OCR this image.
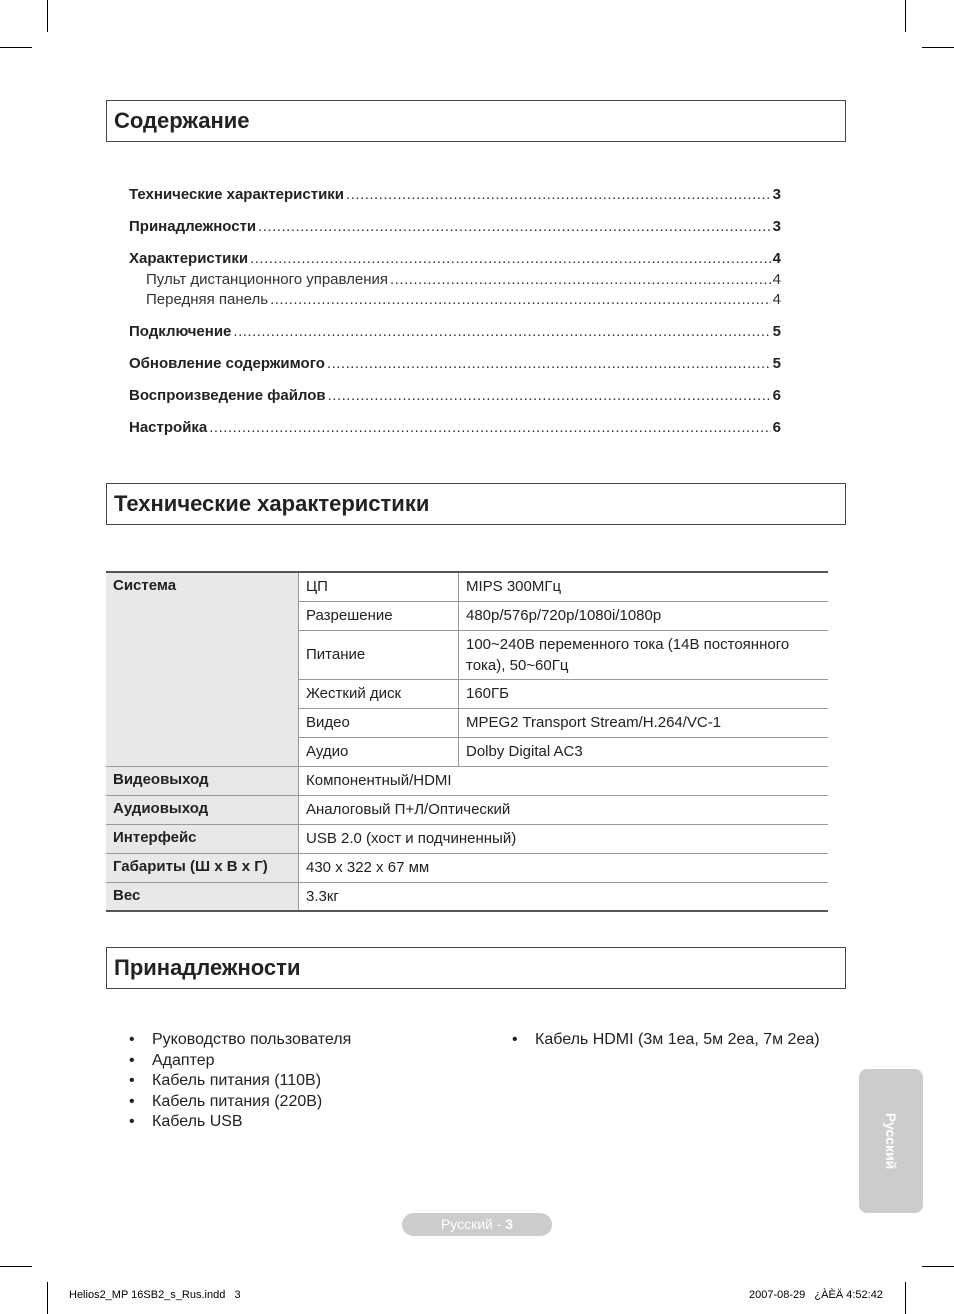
Содержание
Технические характеристики .....	3
Принадлежности .....	3
Характеристики .....	4
Пульт дистанционного управления .....	4
Передняя панель .....	4
Подключение .....	5
Обновление содержимого .....	5
Воспроизведение файлов .....	6
Настройка .....	6
Технические характеристики
Система	ЦП	MIPS 300МГц
	Разрешение	480p/576p/720p/1080i/1080p
	Питание	100~240В переменного тока (14В постоянного тока), 50~60Гц
	Жесткий диск	160ГБ
	Видео	MPEG2 Transport Stream/H.264/VC-1
	Аудио	Dolby Digital AC3
Видеовыход	Компонентный/HDMI	
Аудиовыход	Аналоговый П+Л/Оптический	
Интерфейс	USB 2.0 (хост и подчиненный)	
Габариты (Ш x В x Г)	430 x 322 x 67 мм	
Вес	3.3кг	
Принадлежности
•	Руководство пользователя
•	Адаптер
•	Кабель питания (110В)
•	Кабель питания (220В)
•	Кабель USB
•	Кабель HDMI (3м 1еа, 5м 2еа, 7м 2еа)
Русский
Русский - 3
Helios2_MP 16SB2_s_Rus.indd   3	2007-08-29   ¿ÀÈÄ 4:52:42
